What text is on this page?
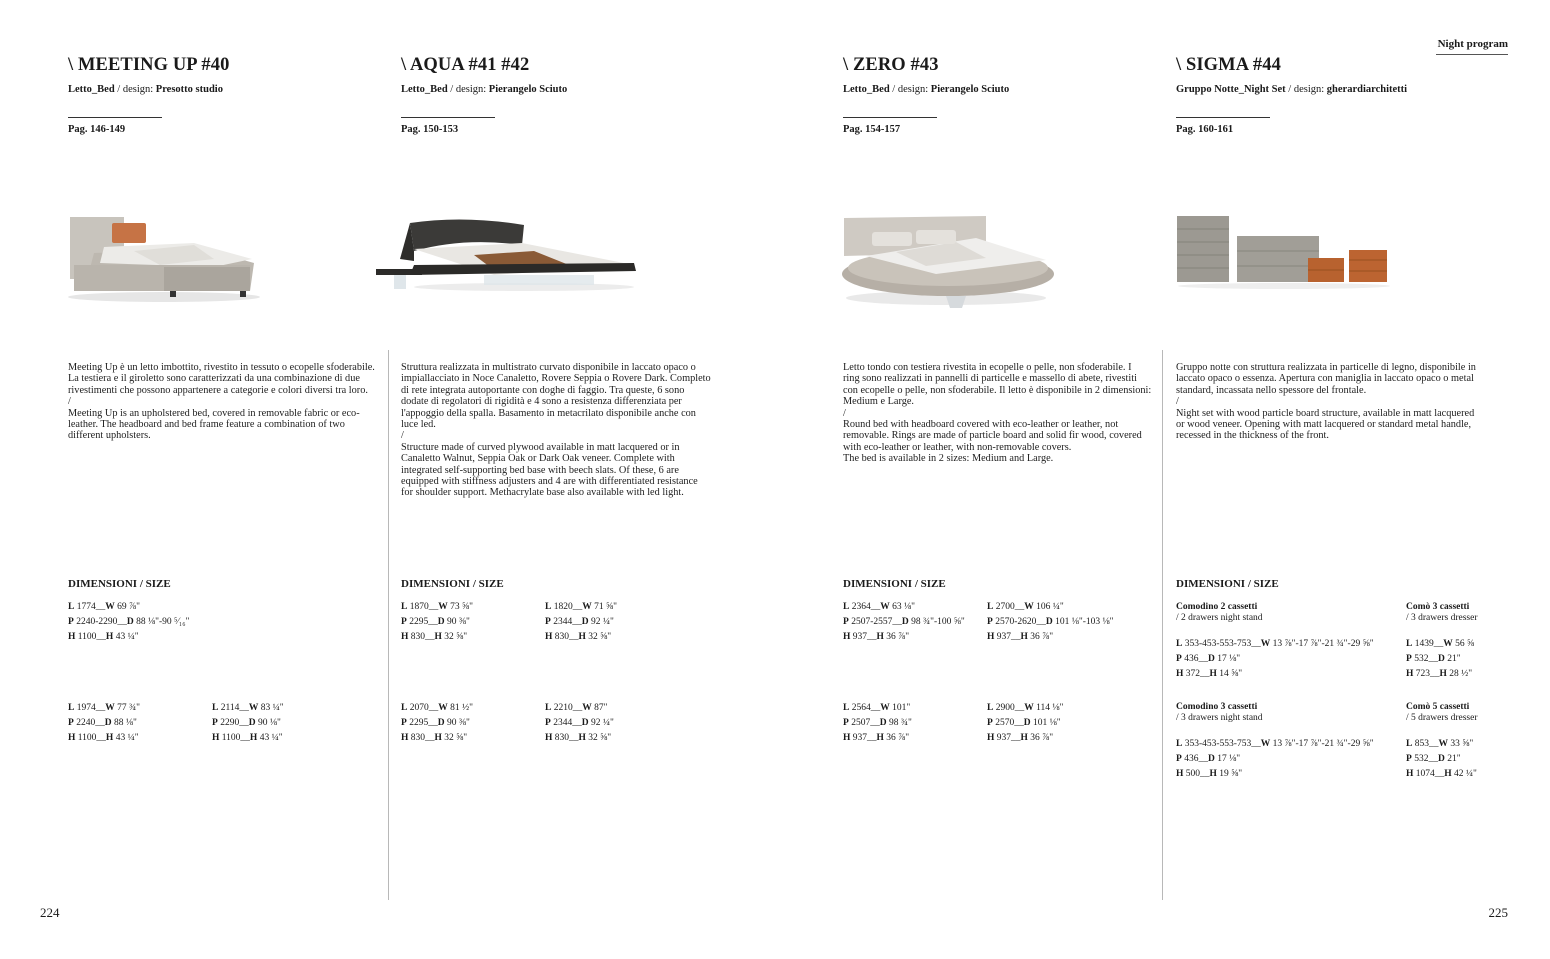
Night program
224	225
\ MEETING UP #40
Letto_Bed / design: Presotto studio
Pag. 146-149

Meeting Up è un letto imbottito, rivestito in tessuto o ecopelle sfoderabile.

La testiera e il giroletto sono caratterizzati da una combinazione di due

rivestimenti che possono appartenere a categorie e colori diversi tra loro.

/

Meeting Up is an upholstered bed, covered in removable fabric or eco-

leather. The headboard and bed frame feature a combination of two

different upholsters.

DIMENSIONI / SIZE
L 1774__W 69 ⅞"
P 2240-2290__D 88 ⅛"-90 ⁵⁄₁₆"
H 1100__H 43 ¼"
L 1974__W 77 ¾"
P 2240__D 88 ⅛"
H 1100__H 43 ¼"
L 2114__W 83 ¼"
P 2290__D 90 ⅛"
H 1100__H 43 ¼"
\ AQUA #41 #42
Letto_Bed / design: Pierangelo Sciuto
Pag. 150-153

Struttura realizzata in multistrato curvato disponibile in laccato opaco o

impiallacciato in Noce Canaletto, Rovere Seppia o Rovere Dark. Completo

di rete integrata autoportante con doghe di faggio. Tra queste, 6 sono

dodate di regolatori di rigidità e 4 sono a resistenza differenziata per

l'appoggio della spalla. Basamento in metacrilato disponibile anche con

luce led.

/

Structure made of curved plywood available in matt lacquered or in

Canaletto Walnut, Seppia Oak or Dark Oak veneer. Complete with

integrated self-supporting bed base with beech slats. Of these, 6 are

equipped with stiffness adjusters and 4 are with differentiated resistance

for shoulder support. Methacrylate base also available with led light.

DIMENSIONI / SIZE
L 1870__W 73 ⅝"
P 2295__D 90 ⅜"
H 830__H 32 ⅝"
L 1820__W 71 ⅝"
P 2344__D 92 ¼"
H 830__H 32 ⅝"
L 2070__W 81 ½"
P 2295__D 90 ⅜"
H 830__H 32 ⅝"
L 2210__W 87"
P 2344__D 92 ¼"
H 830__H 32 ⅝"
\ ZERO #43
Letto_Bed / design: Pierangelo Sciuto
Pag. 154-157

Letto tondo con testiera rivestita in ecopelle o pelle, non sfoderabile. I

ring sono realizzati in pannelli di particelle e massello di abete, rivestiti

con ecopelle o pelle, non sfoderabile. Il letto è disponibile in 2 dimensioni:

Medium e Large.

/

Round bed with headboard covered with eco-leather or leather, not

removable. Rings are made of particle board and solid fir wood, covered

with eco-leather or leather, with non-removable covers.

The bed is available in 2 sizes: Medium and Large.

DIMENSIONI / SIZE
L 2364__W 63 ⅛"
P 2507-2557__D 98 ¾"-100 ⅝"
H 937__H 36 ⅞"
L 2700__W 106 ¼"
P 2570-2620__D 101 ⅛"-103 ⅛"
H 937__H 36 ⅞"
L 2564__W 101"
P 2507__D 98 ¾"
H 937__H 36 ⅞"
L 2900__W 114 ⅛"
P 2570__D 101 ⅛"
H 937__H 36 ⅞"
\ SIGMA #44
Gruppo Notte_Night Set / design: gherardiarchitetti
Pag. 160-161

Gruppo notte con struttura realizzata in particelle di legno, disponibile in

laccato opaco o essenza. Apertura con maniglia in laccato opaco o metal

standard, incassata nello spessore del frontale.

/

Night set with wood particle board structure, available in matt lacquered

or wood veneer. Opening with matt lacquered or standard metal handle,

recessed in the thickness of the front.

DIMENSIONI / SIZE
Comodino 2 cassetti
/ 2 drawers night stand
L 353-453-553-753__W 13 ⅞"-17 ⅞"-21 ¾"-29 ⅝"
P 436__D 17 ⅛"
H 372__H 14 ⅝"
Comò 3 cassetti
/ 3 drawers dresser
L 1439__W 56 ⅝
P 532__D 21"
H 723__H 28 ½"
Comodino 3 cassetti
/ 3 drawers night stand
L 353-453-553-753__W 13 ⅞"-17 ⅞"-21 ¾"-29 ⅝"
P 436__D 17 ⅛"
H 500__H 19 ⅝"
Comò 5 cassetti
/ 5 drawers dresser
L 853__W 33 ⅝"
P 532__D 21"
H 1074__H 42 ¼"
